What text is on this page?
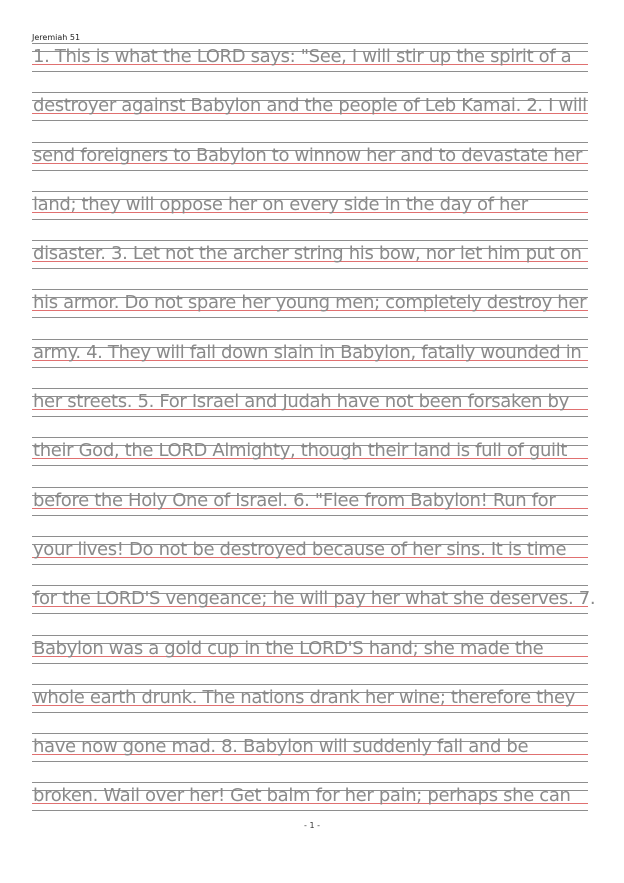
Jeremiah 51
1. This is what the LORD says: "See, I will stir up the spirit of a
destroyer against Babylon and the people of Leb Kamai. 2. I will
send foreigners to Babylon to winnow her and to devastate her
land; they will oppose her on every side in the day of her
disaster. 3. Let not the archer string his bow, nor let him put on
his armor. Do not spare her young men; completely destroy her
army. 4. They will fall down slain in Babylon, fatally wounded in
her streets. 5. For Israel and Judah have not been forsaken by
their God, the LORD Almighty, though their land is full of guilt
before the Holy One of Israel. 6. "Flee from Babylon! Run for
your lives! Do not be destroyed because of her sins. It is time
for the LORD'S vengeance; he will pay her what she deserves. 7.
Babylon was a gold cup in the LORD'S hand; she made the
whole earth drunk. The nations drank her wine; therefore they
have now gone mad. 8. Babylon will suddenly fall and be
broken. Wail over her! Get balm for her pain; perhaps she can
- 1 -
